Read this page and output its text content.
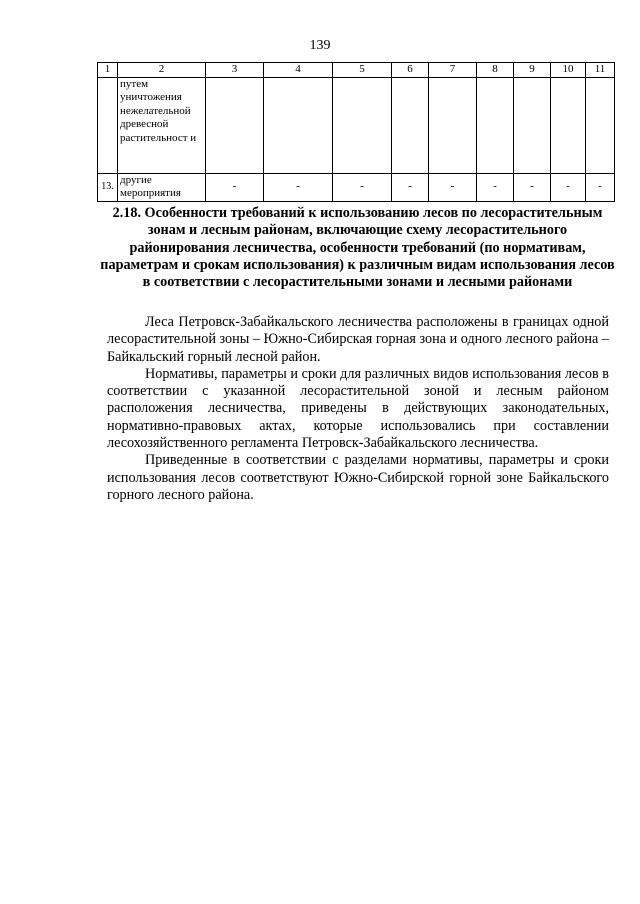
139
1	2	3	4	5	6	7	8	9	10	11
	путем уничтожения нежелательной древесной растительност и									
13.	другие мероприятия	-	-	-	-	-	-	-	-	-
2.18. Особенности требований к использованию лесов по лесорастительным зонам и лесным районам, включающие схему лесорастительного районирования лесничества, особенности требований (по нормативам, параметрам и срокам использования) к различным видам использования лесов в соответствии с лесорастительными зонами и лесными районами

Леса Петровск-Забайкальского лесничества расположены в границах одной лесорастительной зоны – Южно-Сибирская горная зона и одного лесного района – Байкальский горный лесной район.

Нормативы, параметры и сроки для различных видов использования лесов в соответствии с указанной лесорастительной зоной и лесным районом расположения лесничества, приведены в действующих законодательных, нормативно-правовых актах, которые использовались при составлении лесохозяйственного регламента Петровск-Забайкальского лесничества.

Приведенные в соответствии с разделами нормативы, параметры и сроки использования лесов соответствуют Южно-Сибирской горной зоне Байкальского горного лесного района.
